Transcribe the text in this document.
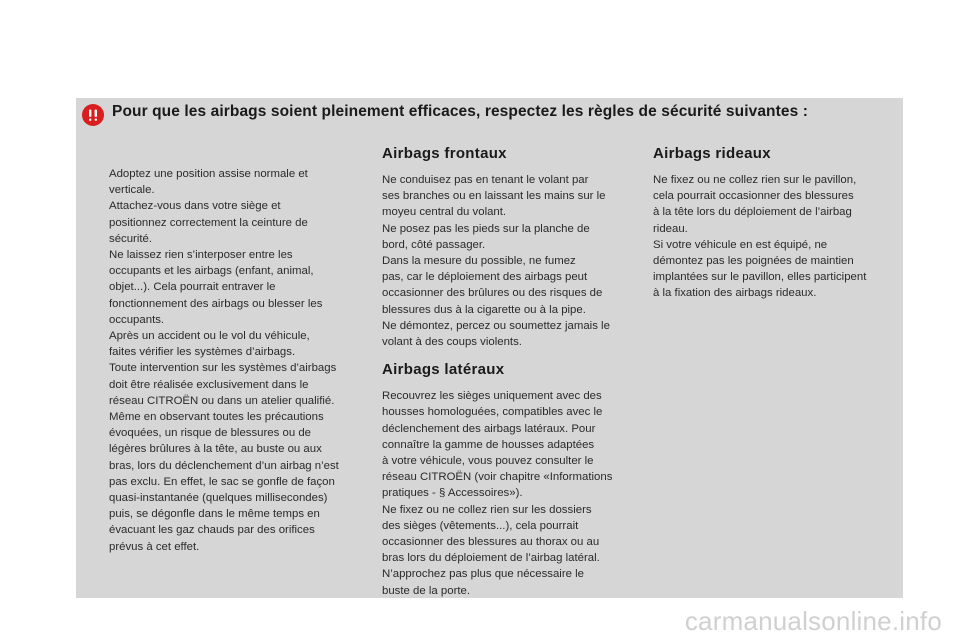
Pour que les airbags soient pleinement efficaces, respectez les règles de sécurité suivantes :

Adoptez une position assise normale et
verticale.
Attachez-vous dans votre siège et
positionnez correctement la ceinture de
sécurité.
Ne laissez rien s’interposer entre les
occupants et les airbags (enfant, animal,
objet...). Cela pourrait entraver le
fonctionnement des airbags ou blesser les
occupants.
Après un accident ou le vol du véhicule,
faites vérifier les systèmes d’airbags.
Toute intervention sur les systèmes d’airbags
doit être réalisée exclusivement dans le
réseau CITROËN ou dans un atelier qualifié.
Même en observant toutes les précautions
évoquées, un risque de blessures ou de
légères brûlures à la tête, au buste ou aux
bras, lors du déclenchement d’un airbag n’est
pas exclu. En effet, le sac se gonfle de façon
quasi-instantanée (quelques millisecondes)
puis, se dégonfle dans le même temps en
évacuant les gaz chauds par des orifices
prévus à cet effet.

Airbags frontaux

Ne conduisez pas en tenant le volant par
ses branches ou en laissant les mains sur le
moyeu central du volant.
Ne posez pas les pieds sur la planche de
bord, côté passager.
Dans la mesure du possible, ne fumez
pas, car le déploiement des airbags peut
occasionner des brûlures ou des risques de
blessures dus à la cigarette ou à la pipe.
Ne démontez, percez ou soumettez jamais le
volant à des coups violents.

Airbags latéraux

Recouvrez les sièges uniquement avec des
housses homologuées, compatibles avec le
déclenchement des airbags latéraux. Pour
connaître la gamme de housses adaptées
à votre véhicule, vous pouvez consulter le
réseau CITROËN (voir chapitre «Informations
pratiques - § Accessoires»).
Ne fixez ou ne collez rien sur les dossiers
des sièges (vêtements...), cela pourrait
occasionner des blessures au thorax ou au
bras lors du déploiement de l’airbag latéral.
N’approchez pas plus que nécessaire le
buste de la porte.

Airbags rideaux

Ne fixez ou ne collez rien sur le pavillon,
cela pourrait occasionner des blessures
à la tête lors du déploiement de l’airbag
rideau.
Si votre véhicule en est équipé, ne
démontez pas les poignées de maintien
implantées sur le pavillon, elles participent
à la fixation des airbags rideaux.

carmanualsonline.info
